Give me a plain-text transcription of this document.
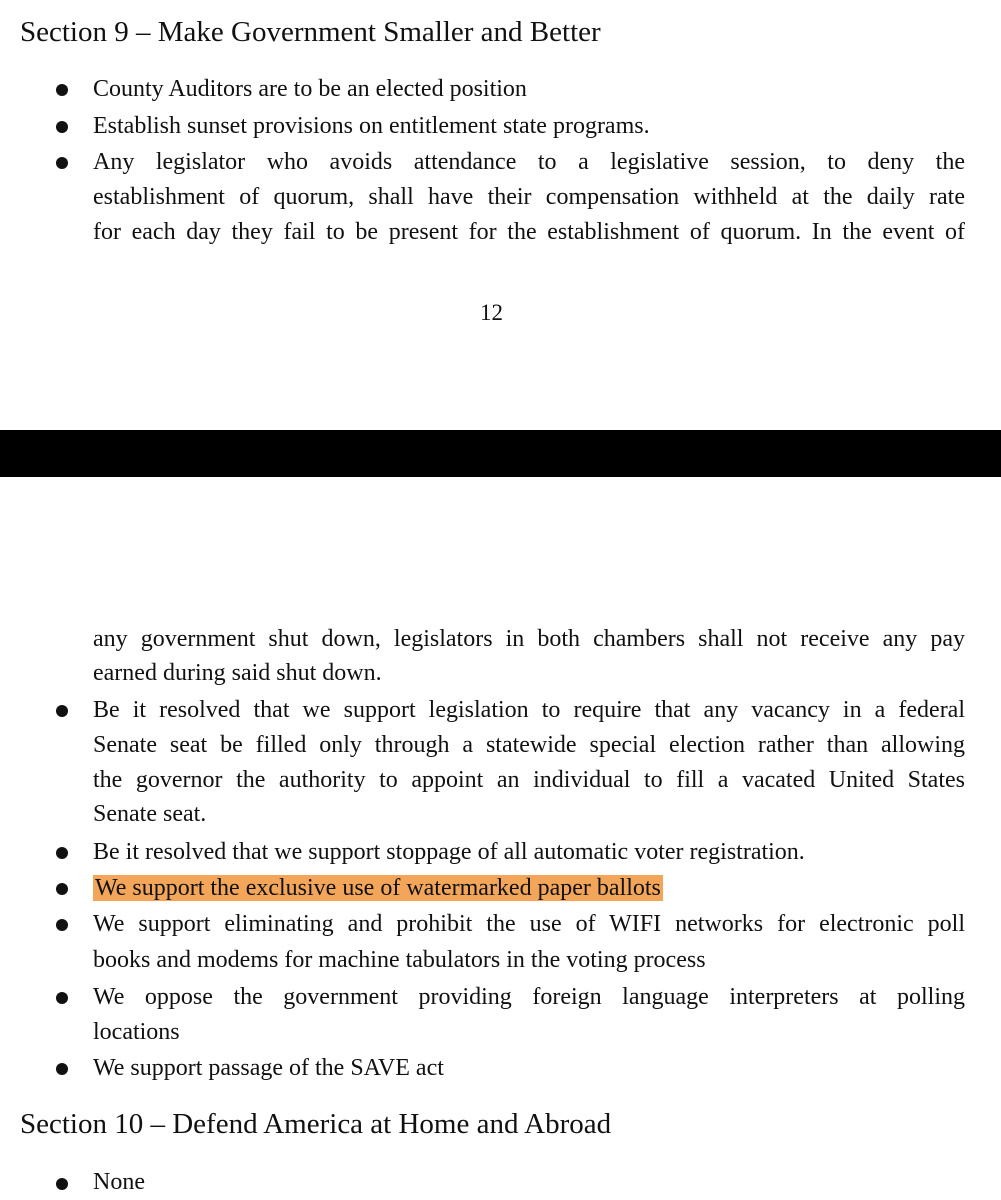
Section 9 – Make Government Smaller and Better
County Auditors are to be an elected position
Establish sunset provisions on entitlement state programs.
Any legislator who avoids attendance to a legislative session, to deny the
establishment of quorum, shall have their compensation withheld at the daily rate
for each day they fail to be present for the establishment of quorum. In the event of
12
any government shut down, legislators in both chambers shall not receive any pay
earned during said shut down.
Be it resolved that we support legislation to require that any vacancy in a federal
Senate seat be filled only through a statewide special election rather than allowing
the governor the authority to appoint an individual to fill a vacated United States
Senate seat.
Be it resolved that we support stoppage of all automatic voter registration.
We support the exclusive use of watermarked paper ballots
We support eliminating and prohibit the use of WIFI networks for electronic poll
books and modems for machine tabulators in the voting process
We oppose the government providing foreign language interpreters at polling
locations
We support passage of the SAVE act
Section 10 – Defend America at Home and Abroad
None
